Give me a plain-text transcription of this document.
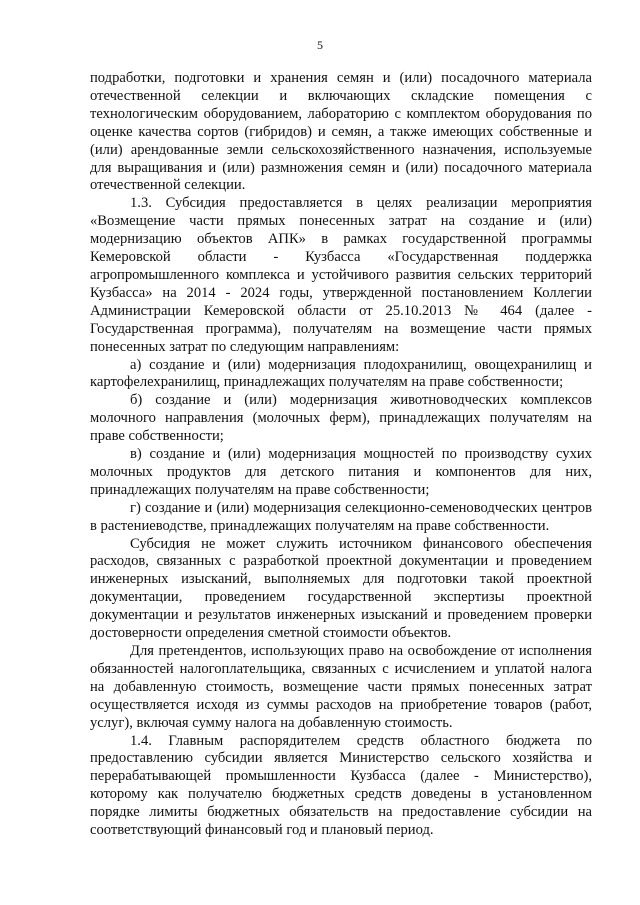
5

подработки, подготовки и хранения семян и (или) посадочного материала отечественной селекции и включающих складские помещения с технологическим оборудованием, лабораторию с комплектом оборудования по оценке качества сортов (гибридов) и семян, а также имеющих собственные и (или) арендованные земли сельскохозяйственного назначения, используемые для выращивания и (или) размножения семян и (или) посадочного материала отечественной селекции.

1.3. Субсидия предоставляется в целях реализации мероприятия «Возмещение части прямых понесенных затрат на создание и (или) модернизацию объектов АПК» в рамках государственной программы Кемеровской области - Кузбасса «Государственная поддержка агропромышленного комплекса и устойчивого развития сельских территорий Кузбасса» на 2014 - 2024 годы, утвержденной постановлением Коллегии Администрации Кемеровской области от 25.10.2013 № 464 (далее - Государственная программа), получателям на возмещение части прямых понесенных затрат по следующим направлениям:

а) создание и (или) модернизация плодохранилищ, овощехранилищ и картофелехранилищ, принадлежащих получателям на праве собственности;

б) создание и (или) модернизация животноводческих комплексов молочного направления (молочных ферм), принадлежащих получателям на праве собственности;

в) создание и (или) модернизация мощностей по производству сухих молочных продуктов для детского питания и компонентов для них, принадлежащих получателям на праве собственности;

г) создание и (или) модернизация селекционно-семеноводческих центров в растениеводстве, принадлежащих получателям на праве собственности.

Субсидия не может служить источником финансового обеспечения расходов, связанных с разработкой проектной документации и проведением инженерных изысканий, выполняемых для подготовки такой проектной документации, проведением государственной экспертизы проектной документации и результатов инженерных изысканий и проведением проверки достоверности определения сметной стоимости объектов.

Для претендентов, использующих право на освобождение от исполнения обязанностей налогоплательщика, связанных с исчислением и уплатой налога на добавленную стоимость, возмещение части прямых понесенных затрат осуществляется исходя из суммы расходов на приобретение товаров (работ, услуг), включая сумму налога на добавленную стоимость.

1.4. Главным распорядителем средств областного бюджета по предоставлению субсидии является Министерство сельского хозяйства и перерабатывающей промышленности Кузбасса (далее - Министерство), которому как получателю бюджетных средств доведены в установленном порядке лимиты бюджетных обязательств на предоставление субсидии на соответствующий финансовый год и плановый период.
